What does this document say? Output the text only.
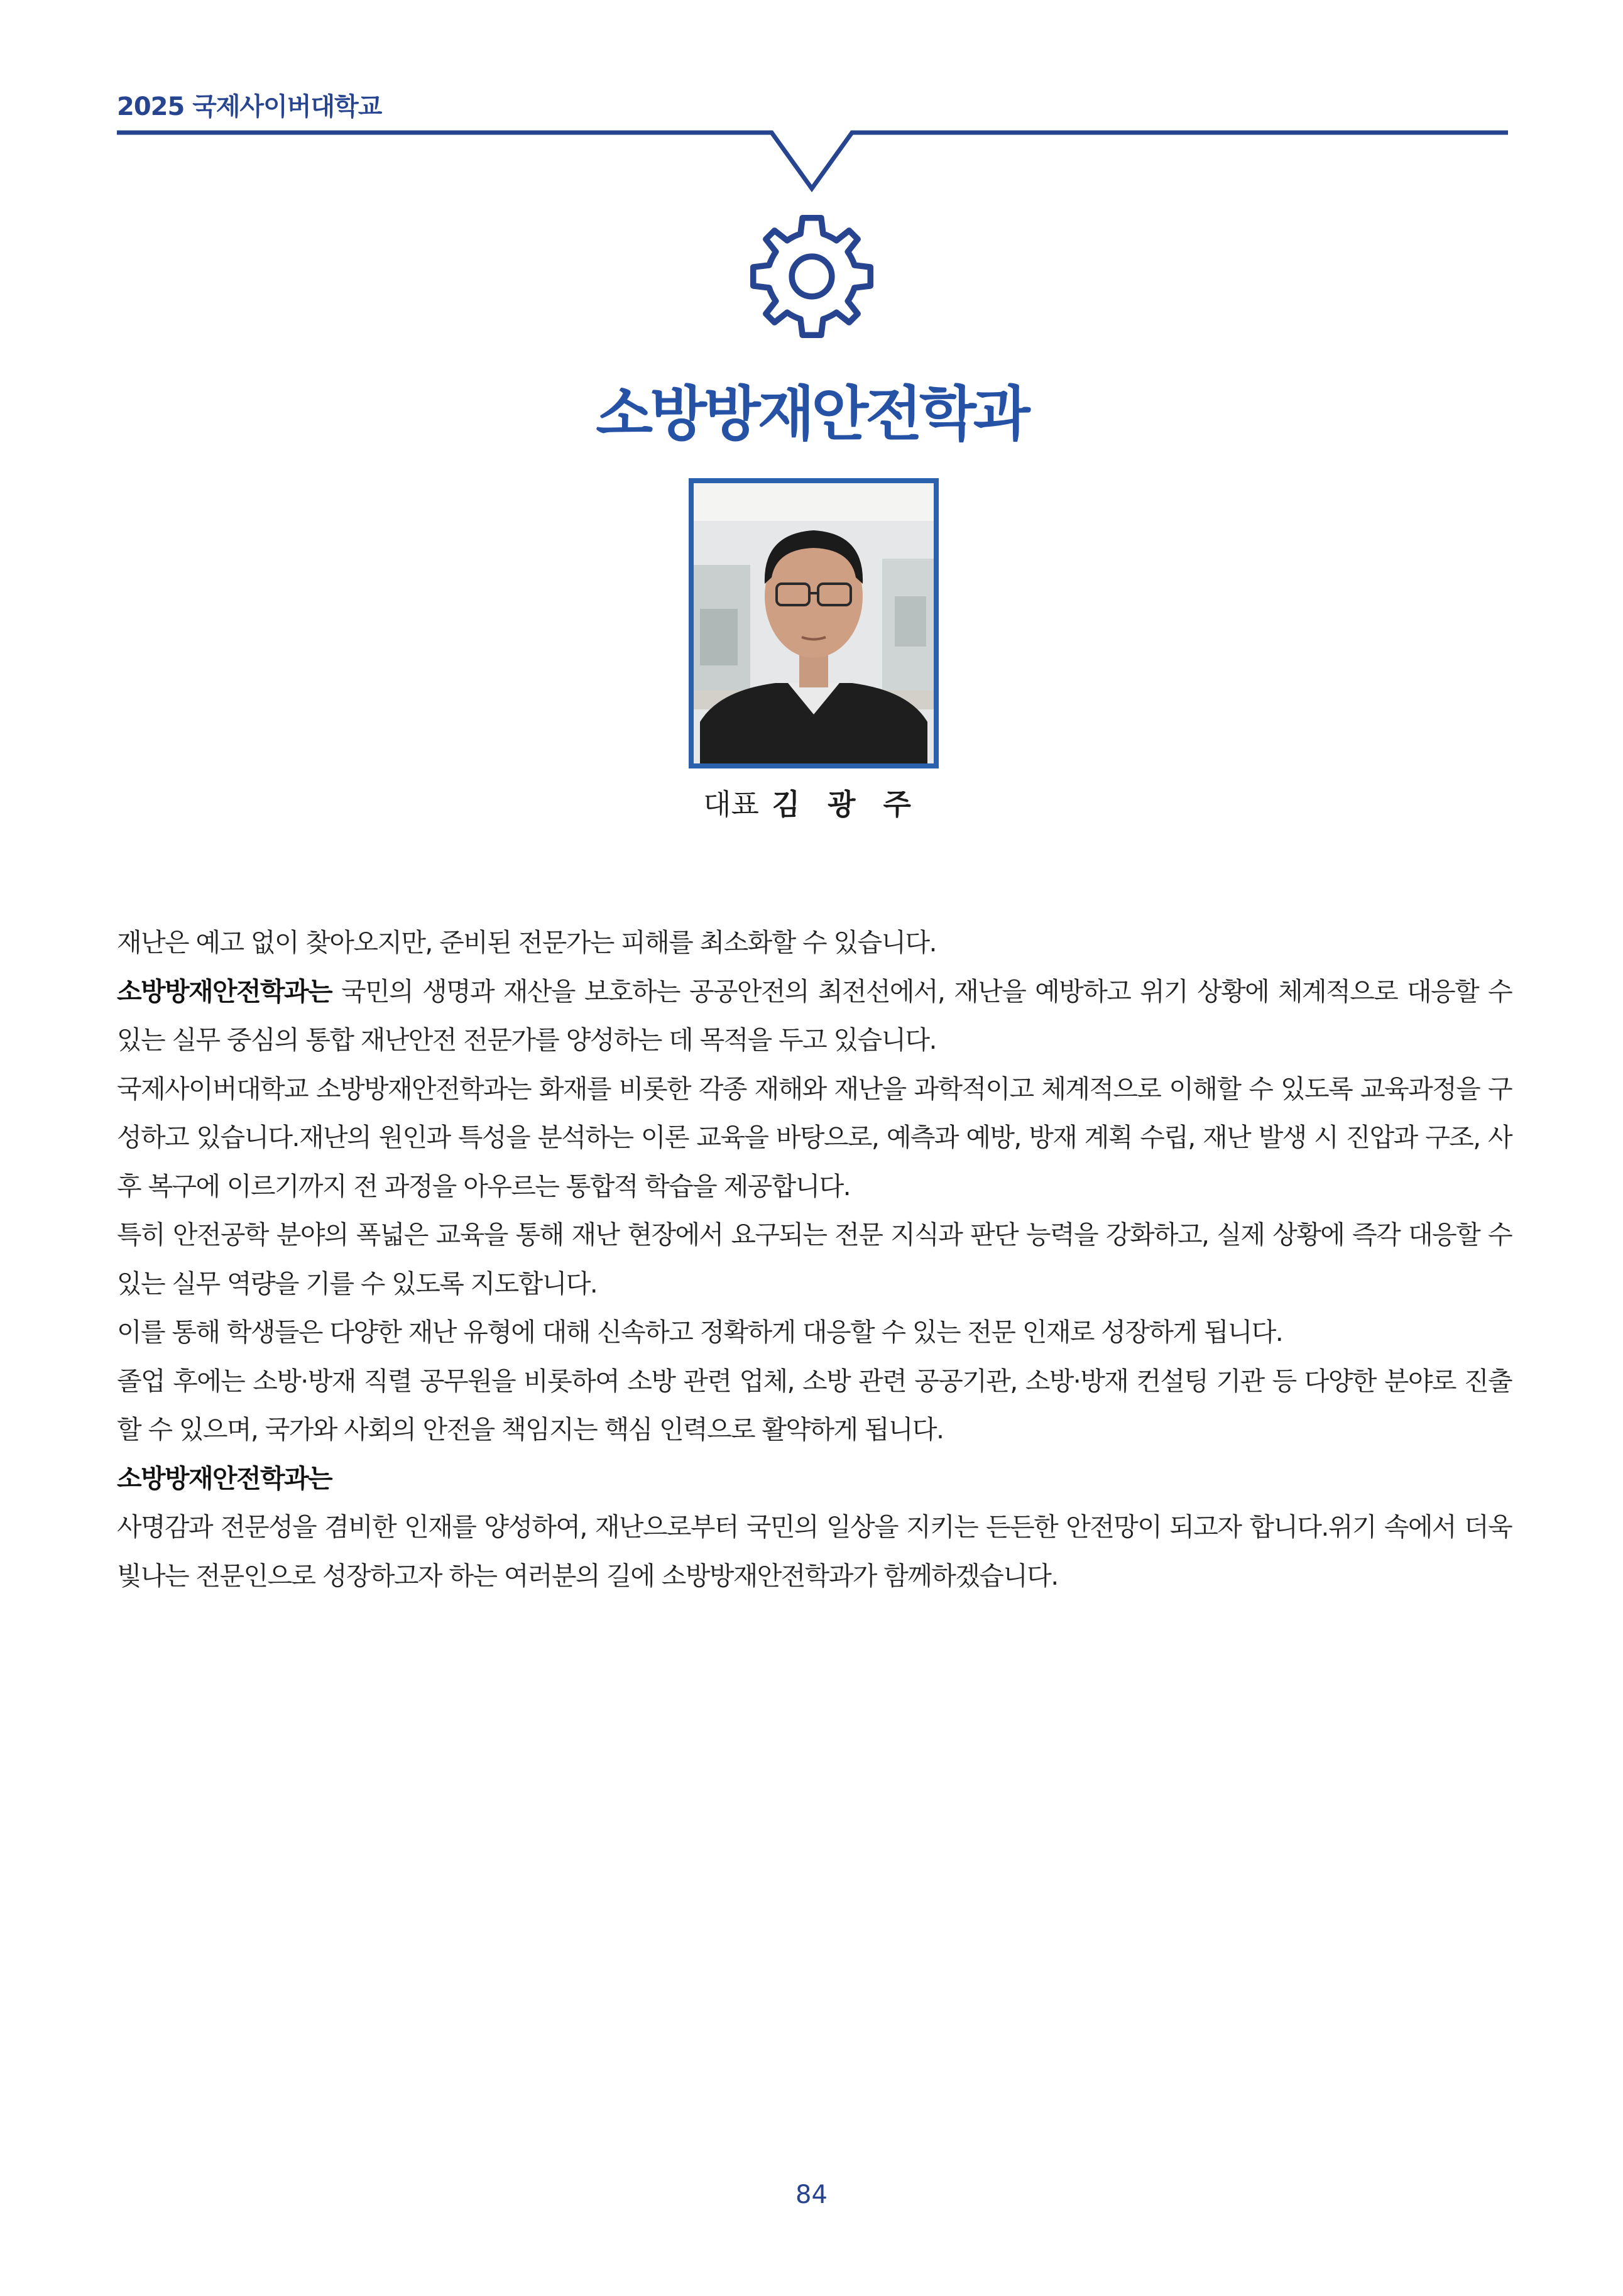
2025 국제사이버대학교
소방방재안전학과
대표 김 광 주

재난은 예고 없이 찾아오지만, 준비된 전문가는 피해를 최소화할 수 있습니다.

소방방재안전학과는 국민의 생명과 재산을 보호하는 공공안전의 최전선에서, 재난을 예방하고 위기 상황에 체계적으로 대응할 수 있는 실무 중심의 통합 재난안전 전문가를 양성하는 데 목적을 두고 있습니다.

국제사이버대학교 소방방재안전학과는 화재를 비롯한 각종 재해와 재난을 과학적이고 체계적으로 이해할 수 있도록 교육과정을 구성하고 있습니다.재난의 원인과 특성을 분석하는 이론 교육을 바탕으로, 예측과 예방, 방재 계획 수립, 재난 발생 시 진압과 구조, 사후 복구에 이르기까지 전 과정을 아우르는 통합적 학습을 제공합니다.

특히 안전공학 분야의 폭넓은 교육을 통해 재난 현장에서 요구되는 전문 지식과 판단 능력을 강화하고, 실제 상황에 즉각 대응할 수 있는 실무 역량을 기를 수 있도록 지도합니다.

이를 통해 학생들은 다양한 재난 유형에 대해 신속하고 정확하게 대응할 수 있는 전문 인재로 성장하게 됩니다.

졸업 후에는 소방·방재 직렬 공무원을 비롯하여 소방 관련 업체, 소방 관련 공공기관, 소방·방재 컨설팅 기관 등 다양한 분야로 진출할 수 있으며, 국가와 사회의 안전을 책임지는 핵심 인력으로 활약하게 됩니다.

소방방재안전학과는

사명감과 전문성을 겸비한 인재를 양성하여, 재난으로부터 국민의 일상을 지키는 든든한 안전망이 되고자 합니다.위기 속에서 더욱 빛나는 전문인으로 성장하고자 하는 여러분의 길에 소방방재안전학과가 함께하겠습니다.

84
